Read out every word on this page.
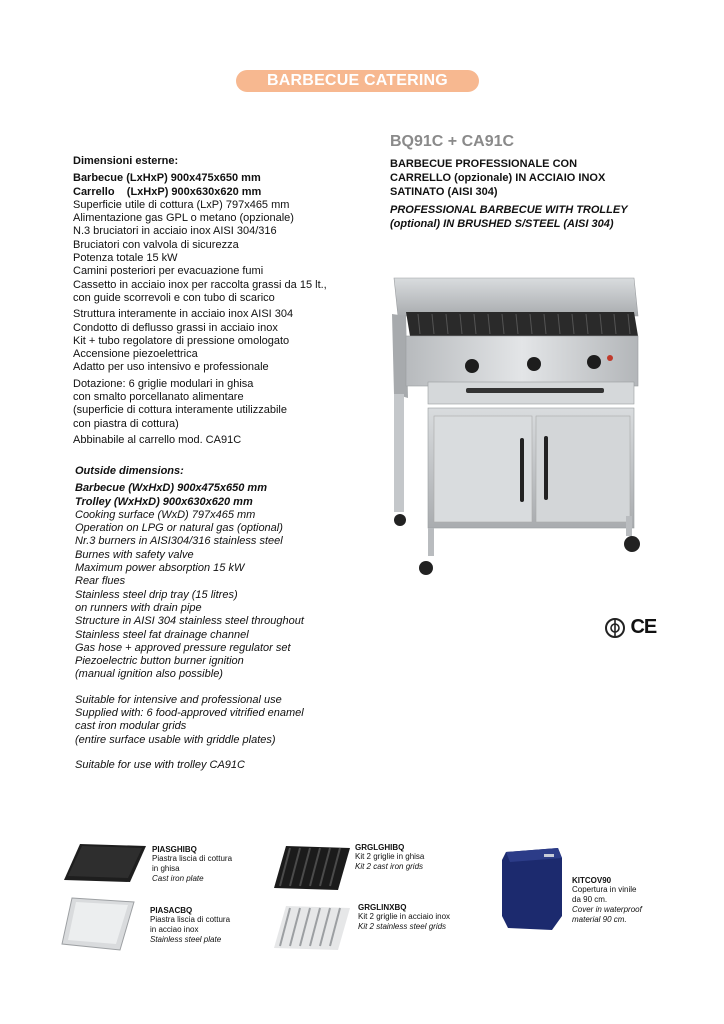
BARBECUE CATERING
Dimensioni esterne:
Barbecue (LxHxP) 900x475x650 mm
Carrello    (LxHxP) 900x630x620 mm
Superficie utile di cottura (LxP) 797x465 mm
Alimentazione gas GPL o metano (opzionale)
N.3 bruciatori in acciaio inox AISI 304/316
Bruciatori con valvola di sicurezza
Potenza totale 15 kW
Camini posteriori per evacuazione fumi
Cassetto in acciaio inox per raccolta grassi da 15 lt.,
con guide scorrevoli e con tubo di scarico
Struttura interamente in acciaio inox AISI 304
Condotto di deflusso grassi in acciaio inox
Kit + tubo regolatore di pressione omologato
Accensione piezoelettrica
Adatto per uso intensivo e professionale
Dotazione: 6 griglie modulari in ghisa
con smalto porcellanato alimentare
(superficie di cottura interamente utilizzabile
con piastra di cottura)
Abbinabile al carrello mod. CA91C
Outside dimensions:
Barbecue (WxHxD) 900x475x650 mm
Trolley (WxHxD) 900x630x620 mm
Cooking surface (WxD) 797x465 mm
Operation on LPG or natural gas (optional)
Nr.3 burners in AISI304/316 stainless steel
Burnes with safety valve
Maximum power absorption 15 kW
Rear flues
Stainless steel drip tray (15 litres)
on runners with drain pipe
Structure in AISI 304 stainless steel throughout
Stainless steel fat drainage channel
Gas hose + approved pressure regulator set
Piezoelectric button burner ignition
(manual ignition also possible)
Suitable for intensive and professional use
Supplied with: 6 food-approved vitrified enamel
cast iron modular grids
(entire surface usable with griddle plates)
Suitable for use with trolley CA91C
BQ91C + CA91C
BARBECUE PROFESSIONALE CON CARRELLO (opzionale) IN ACCIAIO INOX SATINATO (AISI 304)
PROFESSIONAL BARBECUE WITH TROLLEY (optional) IN BRUSHED S/STEEL (AISI 304)
CE
PIASGHIBQ
Piastra liscia di cottura
in ghisa
Cast iron plate
PIASACBQ
Piastra liscia di cottura
in acciao inox
Stainless steel plate
GRGLGHIBQ
Kit 2 griglie in ghisa
Kit 2 cast iron grids
GRGLINXBQ
Kit 2 griglie in acciaio inox
Kit 2 stainless steel grids
KITCOV90
Copertura in vinile
da 90 cm.
Cover in waterproof
material 90 cm.
